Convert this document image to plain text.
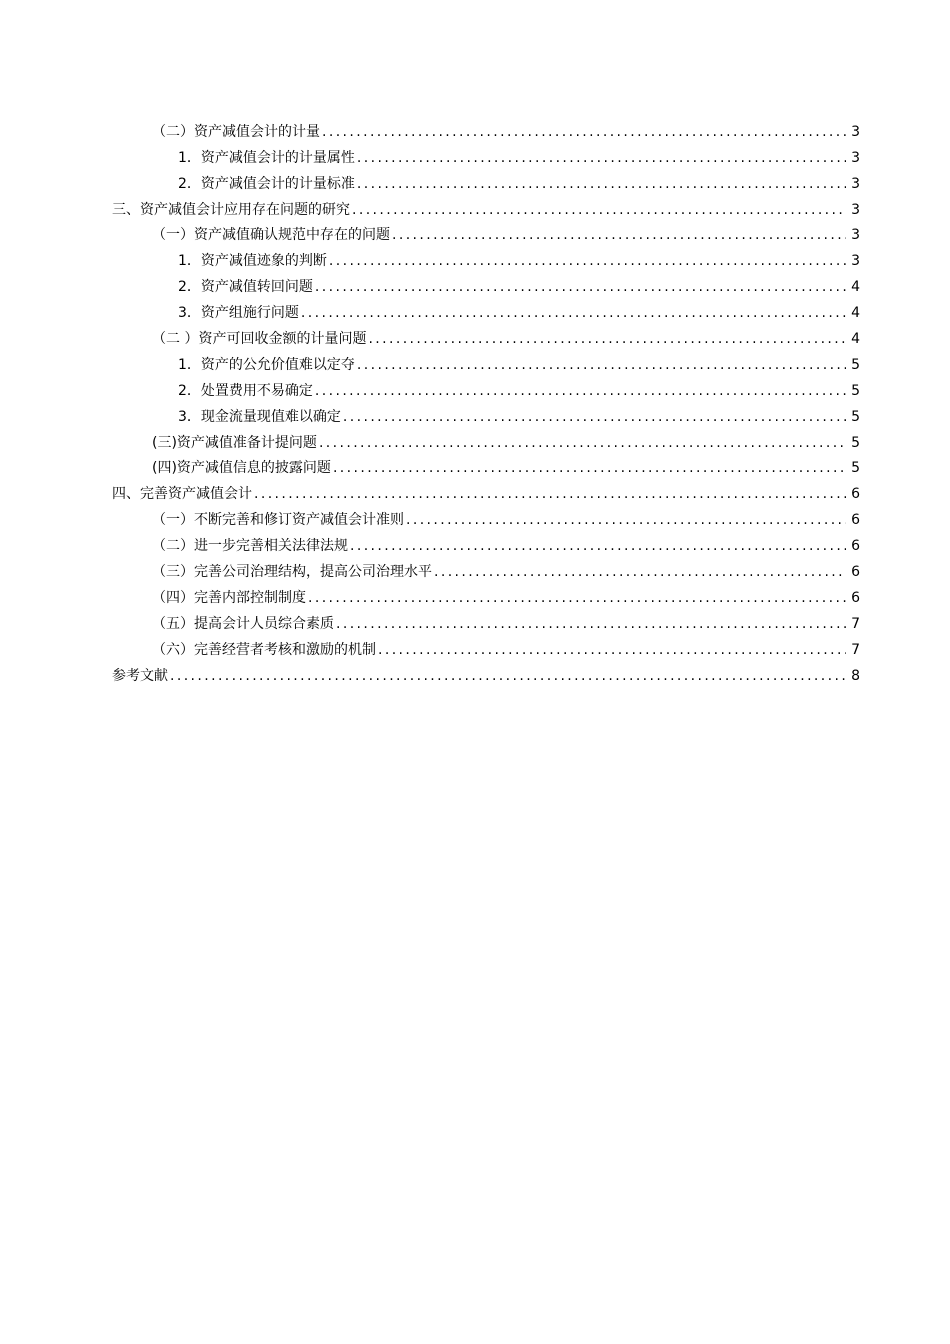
（二）资产减值会计的计量 .....	3
1．资产减值会计的计量属性 .....	3
2．资产减值会计的计量标准 .....	3
三、资产减值会计应用存在问题的研究 .....	3
（一）资产减值确认规范中存在的问题 .....	3
1．资产减值迹象的判断 .....	3
2．资产减值转回问题 .....	4
3．资产组施行问题 .....	4
（二 ）资产可回收金额的计量问题 .....	4
1．资产的公允价值难以定夺 .....	5
2．处置费用不易确定 .....	5
3．现金流量现值难以确定 .....	5
(三)资产减值准备计提问题 .....	5
(四)资产减值信息的披露问题 .....	5
四、完善资产减值会计 .....	6
（一）不断完善和修订资产减值会计准则 .....	6
（二）进一步完善相关法律法规 .....	6
（三）完善公司治理结构，提高公司治理水平 .....	6
（四）完善内部控制制度 .....	6
（五）提高会计人员综合素质 .....	7
（六）完善经营者考核和激励的机制 .....	7
参考文献 .....	8
